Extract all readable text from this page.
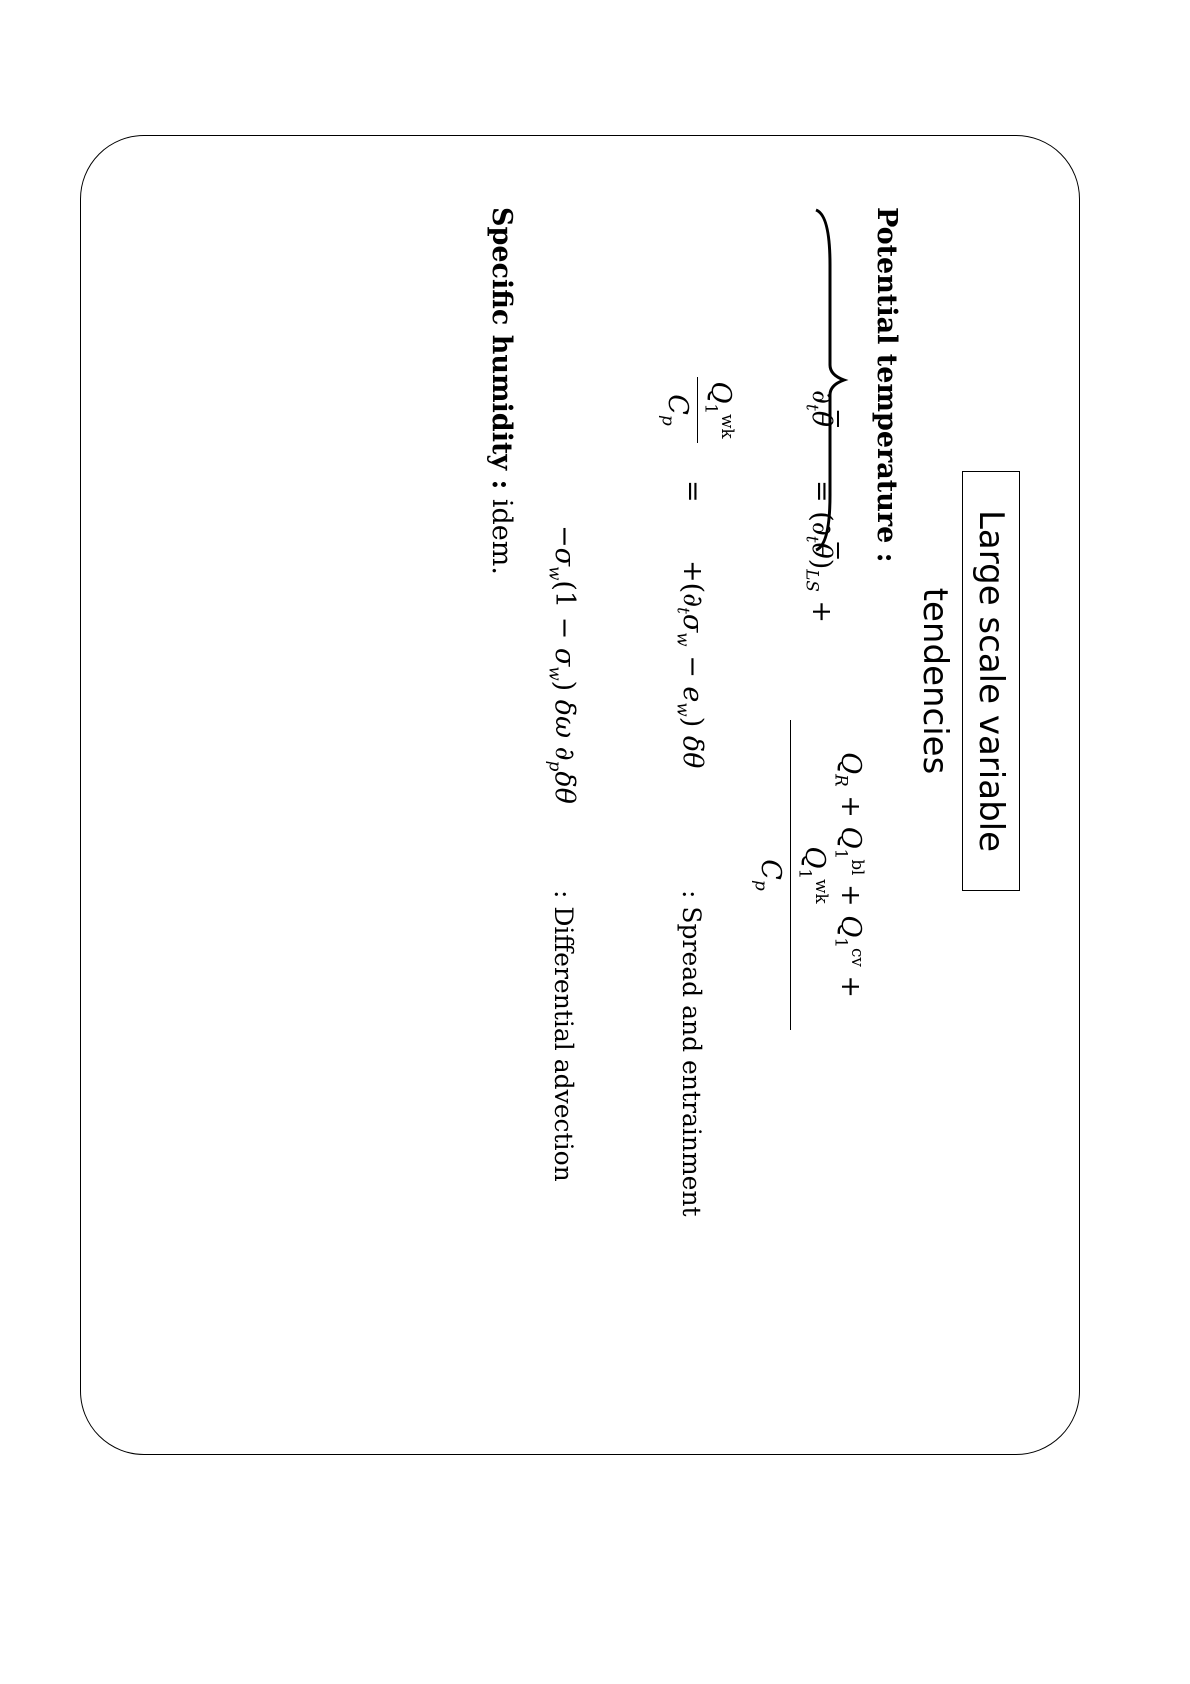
Large scale variable tendencies
Potential temperature :
$\partial_t\overline{\theta}$
= $(\partial_t\overline{\theta})_{LS}$ +
$Q_R + Q_1^{bl} + Q_1^{cv} + Q_1^{wk}$
$C_p$
$Q_1^{wk}$
$C_p$
=
$+(\partial_t\sigma_w - e_w)$ δθ
: Spread and entrainment
$-\sigma_w(1 - \sigma_w)$ δω $\partial_p\delta\theta$
: Differential advection
Specific humidity : idem.
